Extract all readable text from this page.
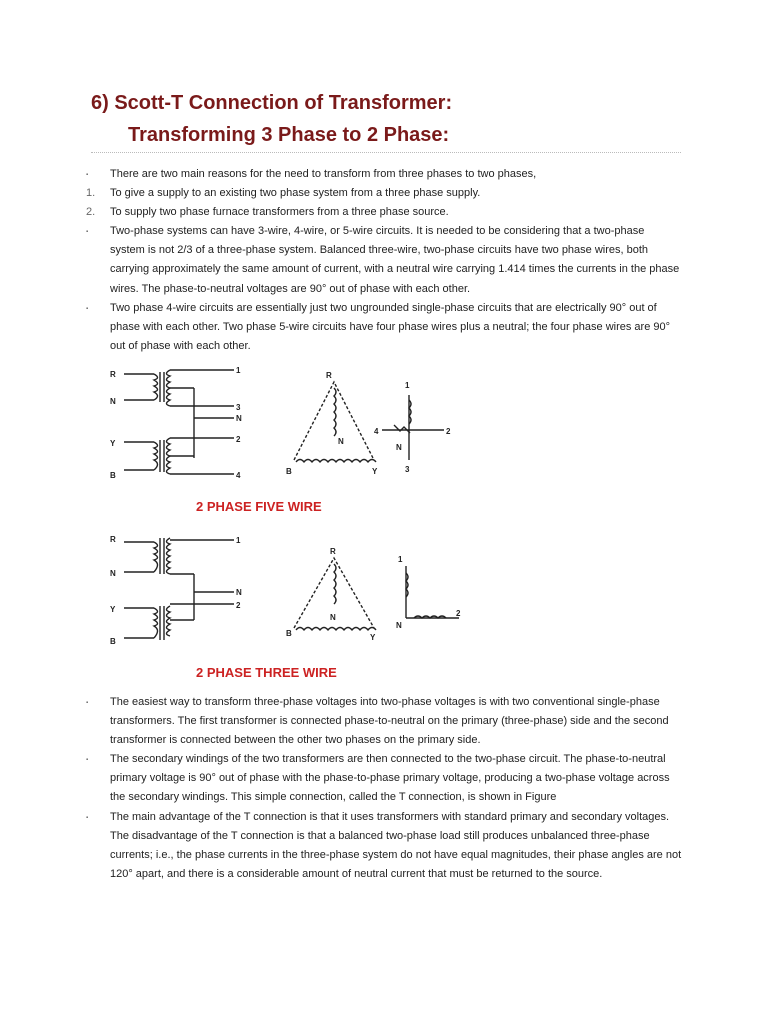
6) Scott-T Connection of Transformer:
Transforming 3 Phase to 2 Phase:
▪	There are two main reasons for the need to transform from three phases to two phases,
1.	To give a supply to an existing two phase system from a three phase supply.
2.	To supply two phase furnace transformers from a three phase source.
▪	Two-phase systems can have 3-wire, 4-wire, or 5-wire circuits. It is needed to be considering that a two-phase system is not 2/3 of a three-phase system. Balanced three-wire, two-phase circuits have two phase wires, both carrying approximately the same amount of current, with a neutral wire carrying 1.414 times the currents in the phase wires. The phase-to-neutral voltages are 90° out of phase with each other.
▪	Two phase 4-wire circuits are essentially just two ungrounded single-phase circuits that are electrically 90° out of phase with each other. Two phase 5-wire circuits have four phase wires plus a neutral; the four phase wires are 90° out of phase with each other.
R
N
Y
B
1
3
N
2
4
R
N
B	Y
1
4
N
2
3
2 PHASE FIVE WIRE
R
N
Y
B
1
N
2
R
N
B	Y
1
N
2
2 PHASE THREE WIRE
▪	The easiest way to transform three-phase voltages into two-phase voltages is with two conventional single-phase transformers. The first transformer is connected phase-to-neutral on the primary (three-phase) side and the second transformer is connected between the other two phases on the primary side.
▪	The secondary windings of the two transformers are then connected to the two-phase circuit. The phase-to-neutral primary voltage is 90° out of phase with the phase-to-phase primary voltage, producing a two-phase voltage across the secondary windings. This simple connection, called the T connection, is shown in Figure
▪	The main advantage of the T connection is that it uses transformers with standard primary and secondary voltages. The disadvantage of the T connection is that a balanced two-phase load still produces unbalanced three-phase currents; i.e., the phase currents in the three-phase system do not have equal magnitudes, their phase angles are not 120° apart, and there is a considerable amount of neutral current that must be returned to the source.
